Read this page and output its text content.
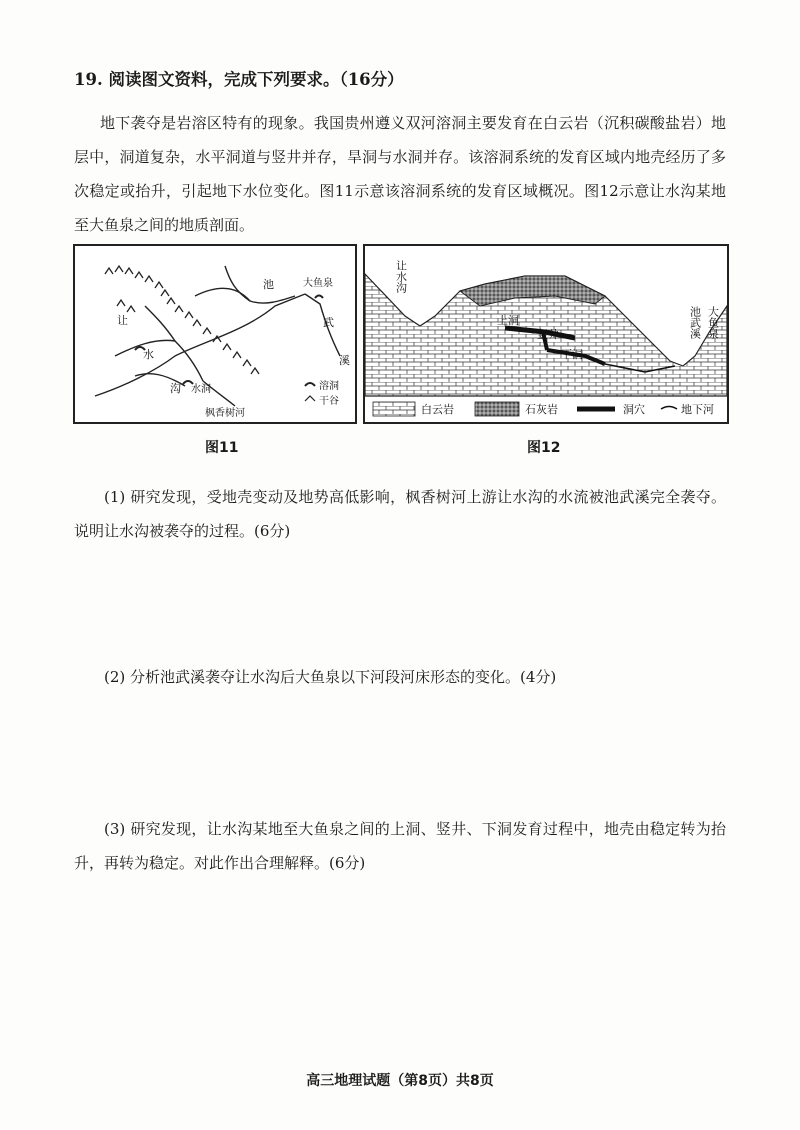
19. 阅读图文资料，完成下列要求。（16分）
地下袭夺是岩溶区特有的现象。我国贵州遵义双河溶洞主要发育在白云岩（沉积碳酸盐岩）地层中，洞道复杂，水平洞道与竖井并存，旱洞与水洞并存。该溶洞系统的发育区域内地壳经历了多次稳定或抬升，引起地下水位变化。图11示意该溶洞系统的发育区域概况。图12示意让水沟某地至大鱼泉之间的地质剖面。
池	大鱼泉
让
水
沟 水洞
武
溪
枫香树河
溶洞
干谷
让水沟
上洞
竖井
下洞
池武溪 大鱼泉
白云岩	石灰岩	洞穴	地下河
图11	图12
(1) 研究发现，受地壳变动及地势高低影响，枫香树河上游让水沟的水流被池武溪完全袭夺。说明让水沟被袭夺的过程。(6分)
(2) 分析池武溪袭夺让水沟后大鱼泉以下河段河床形态的变化。(4分)
(3) 研究发现，让水沟某地至大鱼泉之间的上洞、竖井、下洞发育过程中，地壳由稳定转为抬升，再转为稳定。对此作出合理解释。(6分)
高三地理试题（第8页）共8页
